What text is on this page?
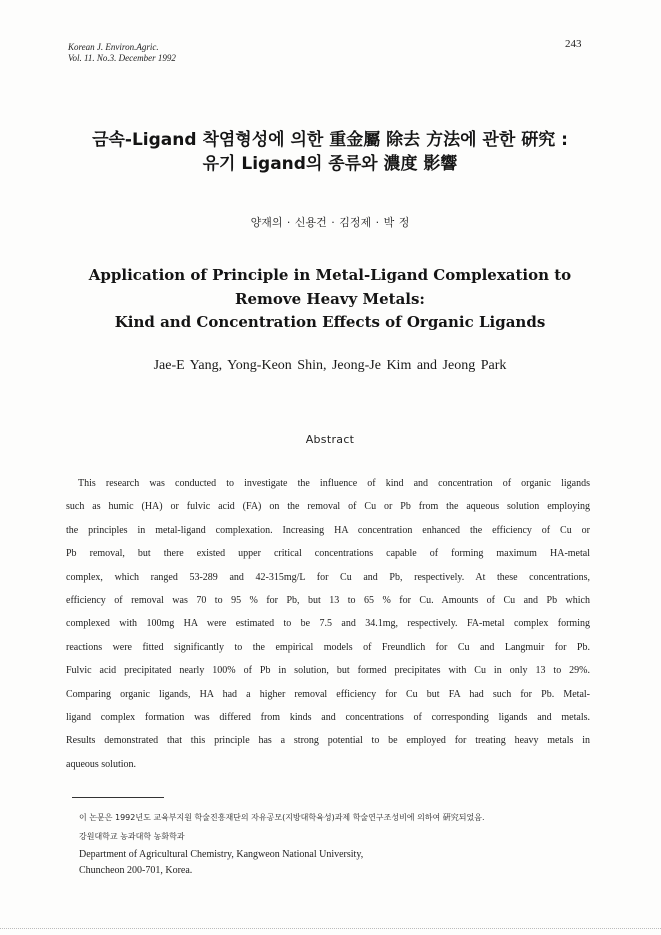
Korean J. Environ.Agric.
Vol. 11. No.3. December 1992
243
금속-Ligand 착염형성에 의한 重金屬 除去 方法에 관한 硏究 :
유기 Ligand의 종류와 濃度 影響
양재의 · 신용건 · 김정제 · 박 정
Application of Principle in Metal-Ligand Complexation to
Remove Heavy Metals:
Kind and Concentration Effects of Organic Ligands
Jae-E Yang, Yong-Keon Shin, Jeong-Je Kim and Jeong Park
Abstract
This research was conducted to investigate the influence of kind and concentration of organic ligands
such as humic (HA) or fulvic acid (FA) on the removal of Cu or Pb from the aqueous solution employing
the principles in metal-ligand complexation. Increasing HA concentration enhanced the efficiency of Cu or
Pb removal, but there existed upper critical concentrations capable of forming maximum HA-metal
complex, which ranged 53-289 and 42-315mg/L for Cu and Pb, respectively. At these concentrations,
efficiency of removal was 70 to 95 % for Pb, but 13 to 65 % for Cu. Amounts of Cu and Pb which
complexed with 100mg HA were estimated to be 7.5 and 34.1mg, respectively. FA-metal complex forming
reactions were fitted significantly to the empirical models of Freundlich for Cu and Langmuir for Pb.
Fulvic acid precipitated nearly 100% of Pb in solution, but formed precipitates with Cu in only 13 to 29%.
Comparing organic ligands, HA had a higher removal efficiency for Cu but FA had such for Pb. Metal-
ligand complex formation was differed from kinds and concentrations of corresponding ligands and metals.
Results demonstrated that this principle has a strong potential to be employed for treating heavy metals in
aqueous solution.
이 논문은 1992년도 교육부지원 학술진흥재단의 자유공모(지방대학육성)과제 학술연구조성비에 의하여 硏究되었음.
강원대학교 농과대학 농화학과
Department of Agricultural Chemistry, Kangweon National University,
Chuncheon 200-701, Korea.
